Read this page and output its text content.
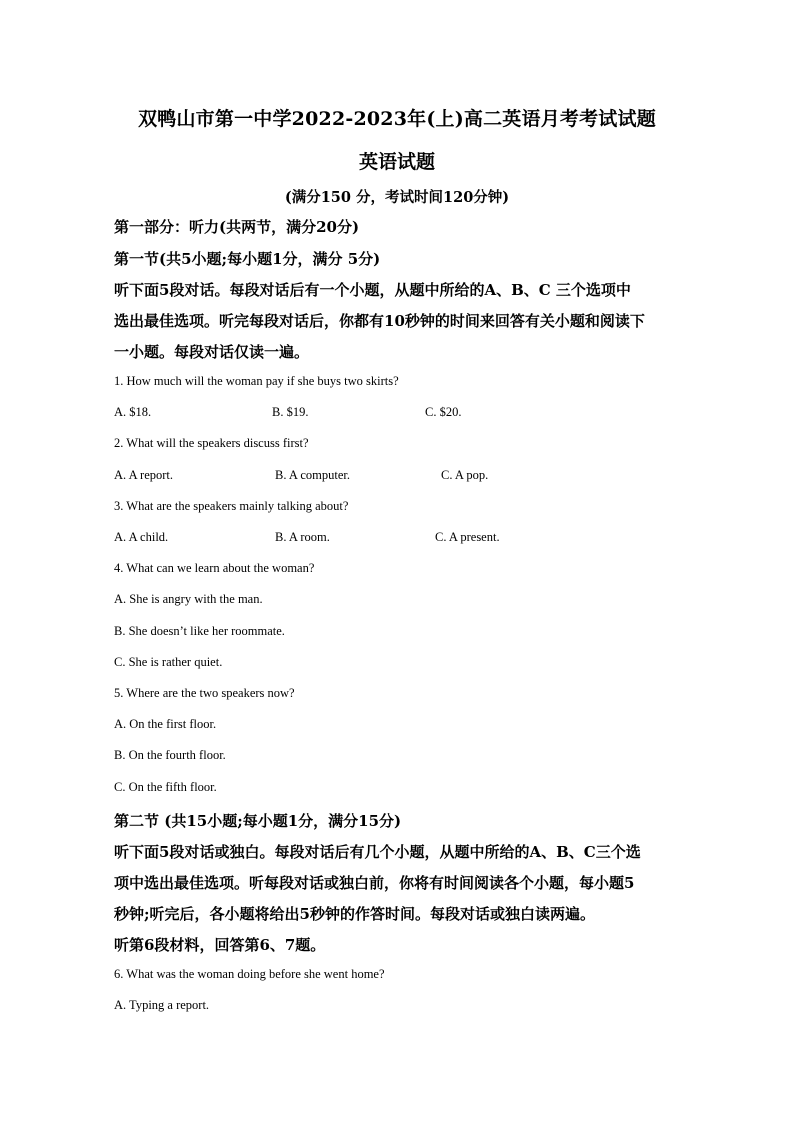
双鸭山市第一中学2022-2023年(上)高二英语月考考试试题
英语试题
(满分150 分，考试时间120分钟)
第一部分：听力(共两节，满分20分)
第一节(共5小题;每小题1分，满分 5分)
听下面5段对话。每段对话后有一个小题，从题中所给的A、B、C 三个选项中
选出最佳选项。听完每段对话后，你都有10秒钟的时间来回答有关小题和阅读下
一小题。每段对话仅读一遍。
1. How much will the woman pay if she buys two skirts?
A. $18.	B. $19.	C. $20.
2. What will the speakers discuss first?
A. A report.	B. A computer.	C. A pop.
3. What are the speakers mainly talking about?
A. A child.	B. A room.	C. A present.
4. What can we learn about the woman?
A. She is angry with the man.
B. She doesn’t like her roommate.
C. She is rather quiet.
5. Where are the two speakers now?
A. On the first floor.
B. On the fourth floor.
C. On the fifth floor.
第二节 (共15小题;每小题1分，满分15分)
听下面5段对话或独白。每段对话后有几个小题，从题中所给的A、B、C三个选
项中选出最佳选项。听每段对话或独白前，你将有时间阅读各个小题，每小题5
秒钟;听完后，各小题将给出5秒钟的作答时间。每段对话或独白读两遍。
听第6段材料，回答第6、7题。
6. What was the woman doing before she went home?
A. Typing a report.
